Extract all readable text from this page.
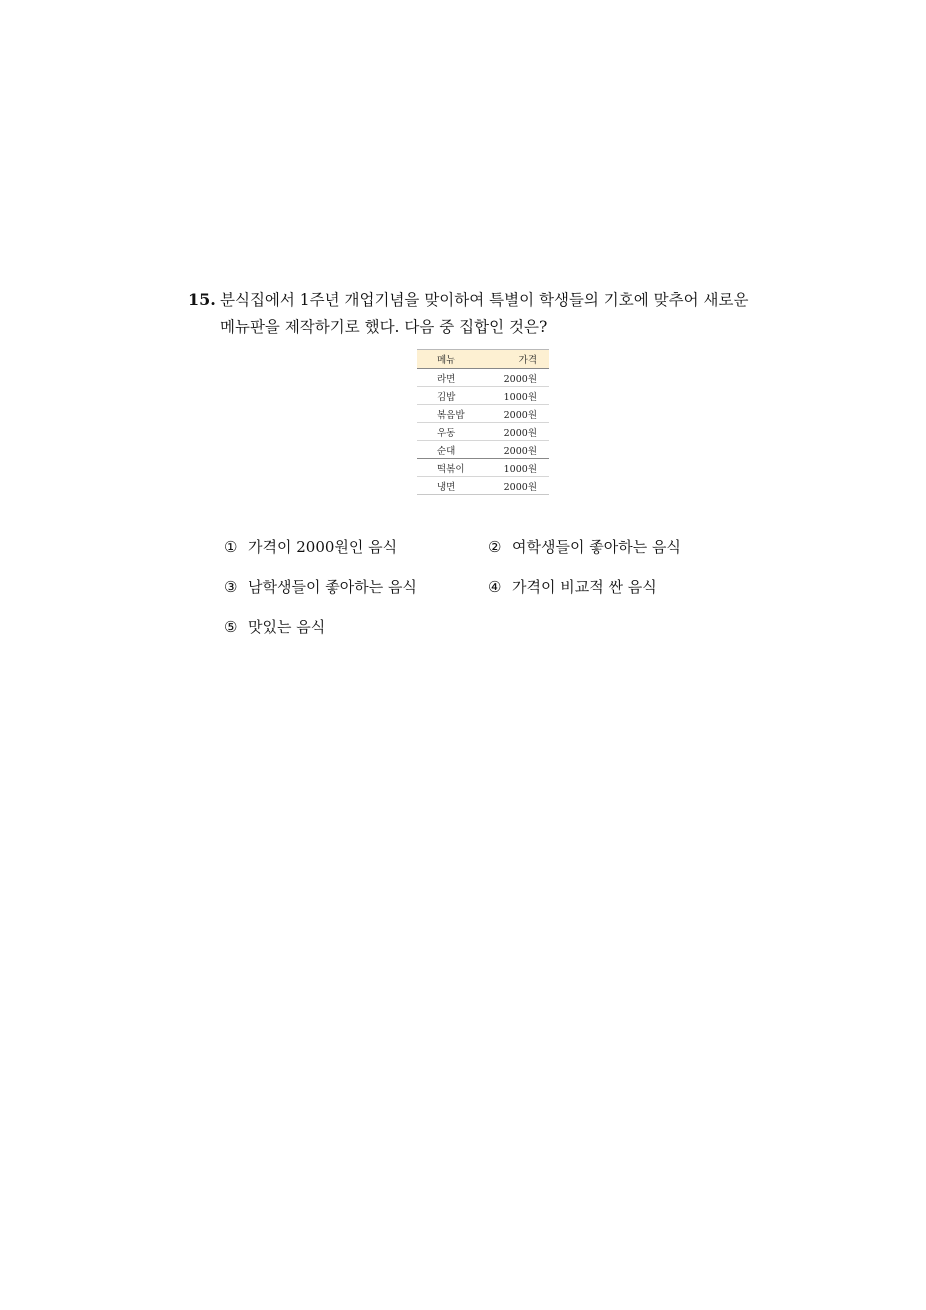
15. 분식집에서 1주년 개업기념을 맞이하여 특별이 학생들의 기호에 맞추어 새로운
메뉴판을 제작하기로 했다. 다음 중 집합인 것은?
메뉴	가격
라면	2000원
김밥	1000원
볶음밥	2000원
우동	2000원
순대	2000원
떡볶이	1000원
냉면	2000원
① 가격이 2000원인 음식	② 여학생들이 좋아하는 음식
③ 남학생들이 좋아하는 음식	④ 가격이 비교적 싼 음식
⑤ 맛있는 음식
